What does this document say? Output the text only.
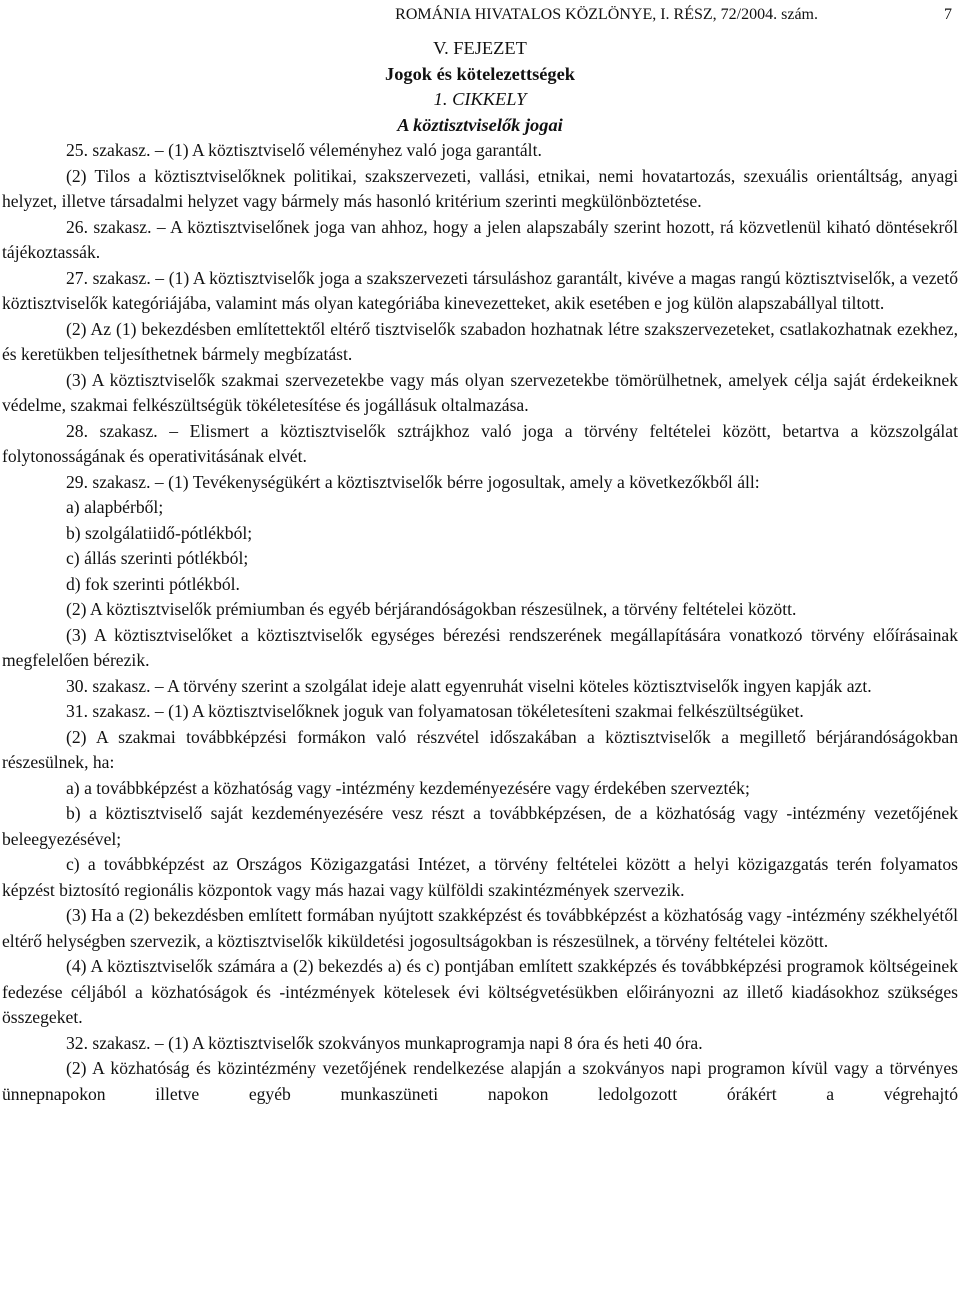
ROMÁNIA HIVATALOS KÖZLÖNYE, I. RÉSZ, 72/2004. szám.	7
V. FEJEZET
Jogok és kötelezettségek
1. CIKKELY
A köztisztviselők jogai

25. szakasz. – (1) A köztisztviselő véleményhez való joga garantált.

(2) Tilos a köztisztviselőknek politikai, szakszervezeti, vallási, etnikai, nemi hovatartozás, szexuális orientáltság, anyagi helyzet, illetve társadalmi helyzet vagy bármely más hasonló kritérium szerinti megkülönböztetése.

26. szakasz. – A köztisztviselőnek joga van ahhoz, hogy a jelen alapszabály szerint hozott, rá közvetlenül kiható döntésekről tájékoztassák.

27. szakasz. – (1) A köztisztviselők joga a szakszervezeti társuláshoz garantált, kivéve a magas rangú köztisztviselők, a vezető köztisztviselők kategóriájába, valamint más olyan kategóriába kinevezetteket, akik esetében e jog külön alapszabállyal tiltott.

(2) Az (1) bekezdésben említettektől eltérő tisztviselők szabadon hozhatnak létre szakszervezeteket, csatlakozhatnak ezekhez, és keretükben teljesíthetnek bármely megbízatást.

(3) A köztisztviselők szakmai szervezetekbe vagy más olyan szervezetekbe tömörülhetnek, amelyek célja saját érdekeiknek védelme, szakmai felkészültségük tökéletesítése és jogállásuk oltalmazása.

28. szakasz. – Elismert a köztisztviselők sztrájkhoz való joga a törvény feltételei között, betartva a közszolgálat folytonosságának és operativitásának elvét.

29. szakasz. – (1) Tevékenységükért a köztisztviselők bérre jogosultak, amely a következőkből áll:

a) alapbérből;

b) szolgálatiidő-pótlékból;

c) állás szerinti pótlékból;

d) fok szerinti pótlékból.

(2) A köztisztviselők prémiumban és egyéb bérjárandóságokban részesülnek, a törvény feltételei között.

(3) A köztisztviselőket a köztisztviselők egységes bérezési rendszerének megállapítására vonatkozó törvény előírásainak megfelelően bérezik.

30. szakasz. – A törvény szerint a szolgálat ideje alatt egyenruhát viselni köteles köztisztviselők ingyen kapják azt.

31. szakasz. – (1) A köztisztviselőknek joguk van folyamatosan tökéletesíteni szakmai felkészültségüket.

(2) A szakmai továbbképzési formákon való részvétel időszakában a köztisztviselők a megillető bérjárandóságokban részesülnek, ha:

a) a továbbképzést a közhatóság vagy -intézmény kezdeményezésére vagy érdekében szervezték;

b) a köztisztviselő saját kezdeményezésére vesz részt a továbbképzésen, de a közhatóság vagy -intézmény vezetőjének beleegyezésével;

c) a továbbképzést az Országos Közigazgatási Intézet, a törvény feltételei között a helyi közigazgatás terén folyamatos képzést biztosító regionális központok vagy más hazai vagy külföldi szakintézmények szervezik.

(3) Ha a (2) bekezdésben említett formában nyújtott szakképzést és továbbképzést a közhatóság vagy -intézmény székhelyétől eltérő helységben szervezik, a köztisztviselők kiküldetési jogosultságokban is részesülnek, a törvény feltételei között.

(4) A köztisztviselők számára a (2) bekezdés a) és c) pontjában említett szakképzés és továbbképzési programok költségeinek fedezése céljából a közhatóságok és -intézmények kötelesek évi költségvetésükben előirányozni az illető kiadásokhoz szükséges összegeket.

32. szakasz. – (1) A köztisztviselők szokványos munkaprogramja napi 8 óra és heti 40 óra.

(2) A közhatóság és közintézmény vezetőjének rendelkezése alapján a szokványos napi programon kívül vagy a törvényes ünnepnapokon illetve egyéb munkaszüneti napokon ledolgozott órákért a végrehajtó
